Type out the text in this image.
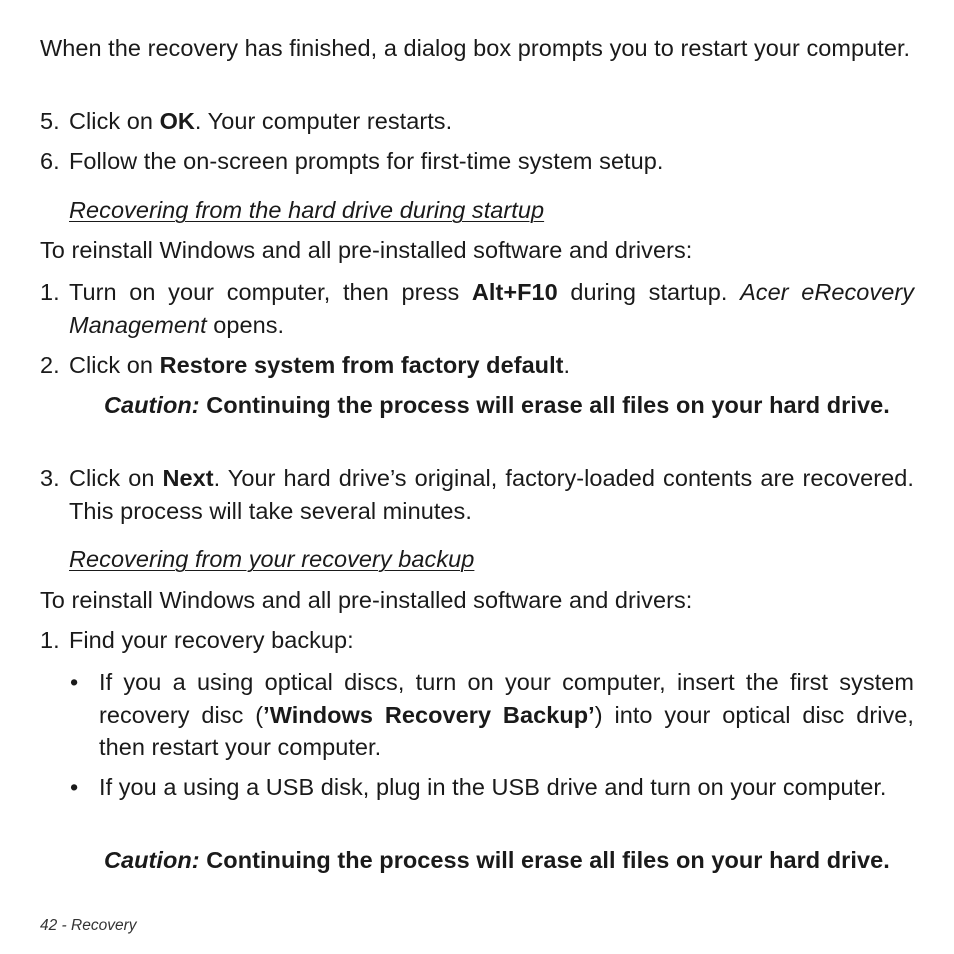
When the recovery has finished, a dialog box prompts you to restart your computer.

5. Click on OK. Your computer restarts.

6. Follow the on-screen prompts for first-time system setup.

Recovering from the hard drive during startup

To reinstall Windows and all pre-installed software and drivers:

1. Turn on your computer, then press Alt+F10 during startup. Acer eRecovery Management opens.

2. Click on Restore system from factory default.

Caution: Continuing the process will erase all files on your hard drive.

3. Click on Next. Your hard drive’s original, factory-loaded contents are recovered. This process will take several minutes.

Recovering from your recovery backup

To reinstall Windows and all pre-installed software and drivers:

1. Find your recovery backup:

• If you a using optical discs, turn on your computer, insert the first system recovery disc (’Windows Recovery Backup’) into your optical disc drive, then restart your computer.

• If you a using a USB disk, plug in the USB drive and turn on your computer.

Caution: Continuing the process will erase all files on your hard drive.

42 - Recovery
